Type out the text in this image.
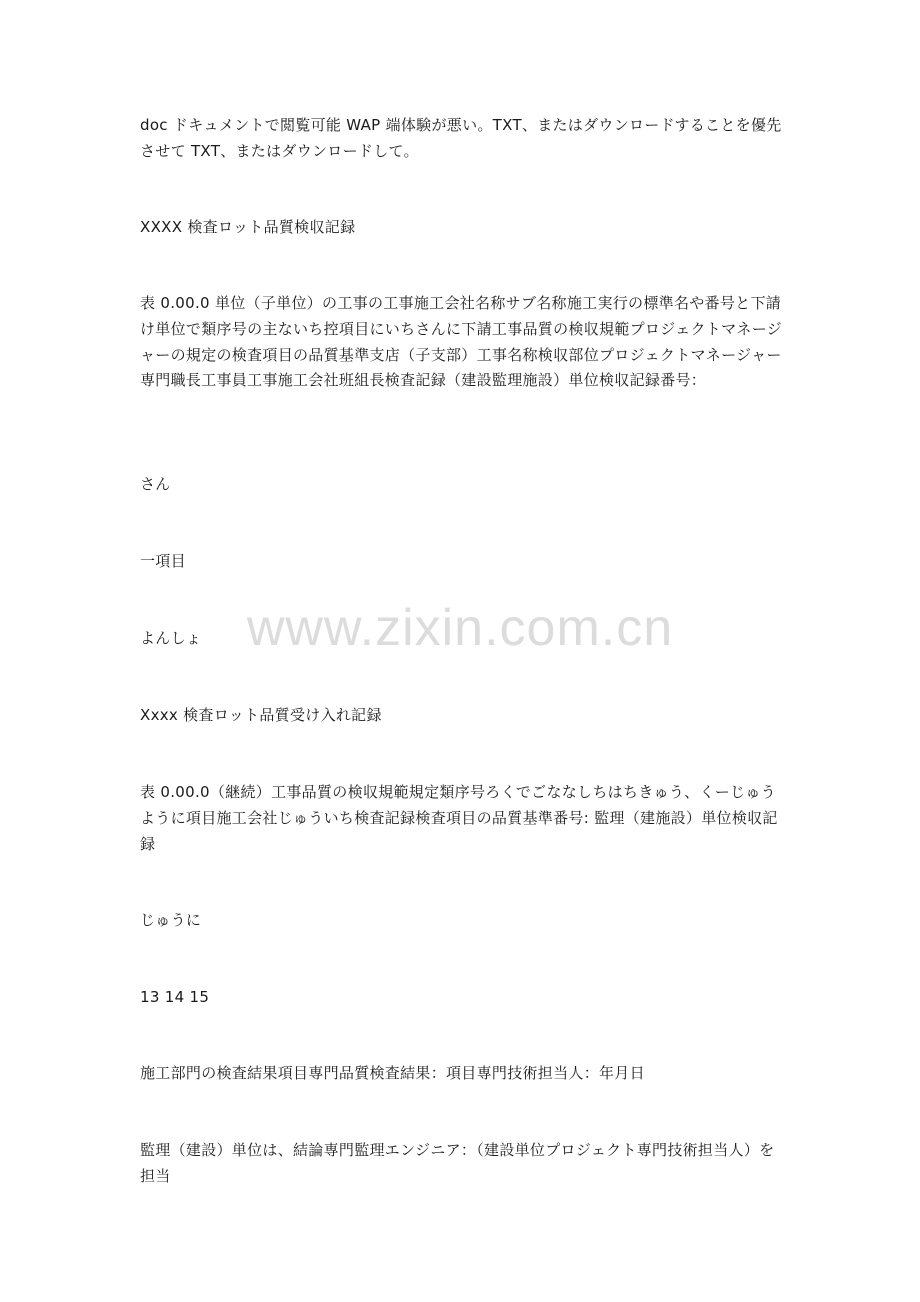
doc ドキュメントで閲覧可能 WAP 端体験が悪い。TXT、またはダウンロードすることを優先させて TXT、またはダウンロードして。

XXXX 検査ロット品質検収記録

表 0.00.0 単位（子単位）の工事の工事施工会社名称サブ名称施工実行の標準名や番号と下請け単位で類序号の主ないち控項目にいちさんに下請工事品質の検収規範プロジェクトマネージャーの規定の検査項目の品質基準支店（子支部）工事名称検収部位プロジェクトマネージャー専門職長工事員工事施工会社班組長検査記録（建設監理施設）単位検収記録番号：

さん

一項目

よんしょ

Xxxx 検査ロット品質受け入れ記録

表 0.00.0（継続）工事品質の検収規範規定類序号ろくでごななしちはちきゅう、くーじゅうように項目施工会社じゅういち検査記録検査項目の品質基準番号: 監理（建施設）単位検収記録

じゅうに

13 14 15

施工部門の検査結果項目専門品質検査結果：項目専門技術担当人：年月日

監理（建設）単位は、結論専門監理エンジニア：（建設単位プロジェクト専門技術担当人）を担当

www.zixin.com.cn
